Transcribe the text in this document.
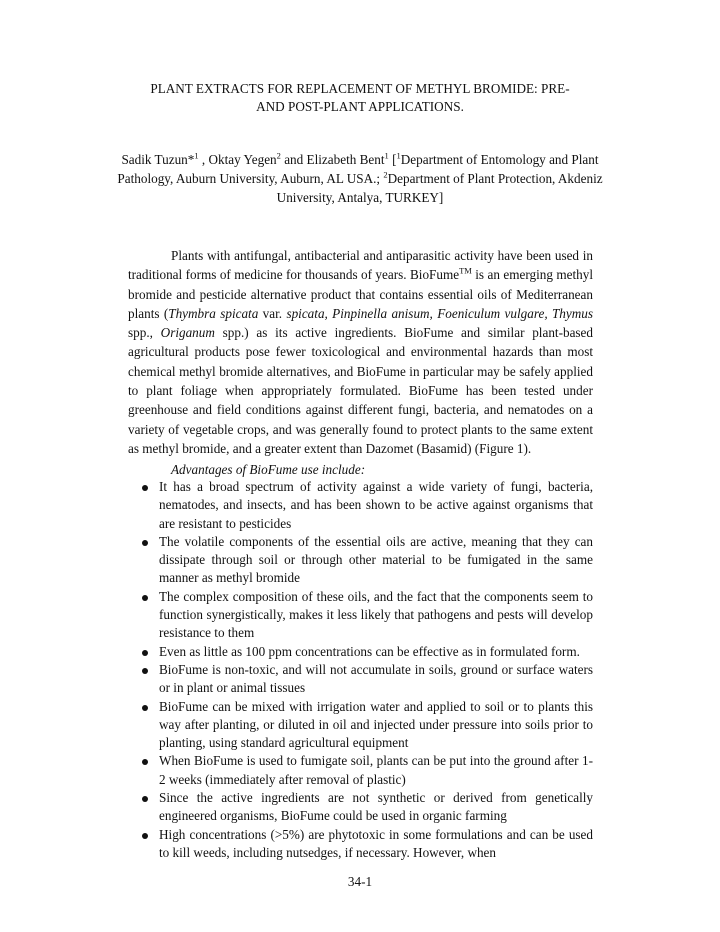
PLANT EXTRACTS FOR REPLACEMENT OF METHYL BROMIDE: PRE-
AND POST-PLANT APPLICATIONS.
Sadik Tuzun*$^1$ , Oktay Yegen$^2$ and Elizabeth Bent$^1$ [$^1$Department of Entomology and Plant Pathology, Auburn University, Auburn, AL USA.; $^2$Department of Plant Protection, Akdeniz University, Antalya, TURKEY]

Plants with antifungal, antibacterial and antiparasitic activity have been used in traditional forms of medicine for thousands of years. BioFume™ is an emerging methyl bromide and pesticide alternative product that contains essential oils of Mediterranean plants (Thymbra spicata var. spicata, Pinpinella anisum, Foeniculum vulgare, Thymus spp., Origanum spp.) as its active ingredients. BioFume and similar plant-based agricultural products pose fewer toxicological and environmental hazards than most chemical methyl bromide alternatives, and BioFume in particular may be safely applied to plant foliage when appropriately formulated. BioFume has been tested under greenhouse and field conditions against different fungi, bacteria, and nematodes on a variety of vegetable crops, and was generally found to protect plants to the same extent as methyl bromide, and a greater extent than Dazomet (Basamid) (Figure 1).

Advantages of BioFume use include:

It has a broad spectrum of activity against a wide variety of fungi, bacteria, nematodes, and insects, and has been shown to be active against organisms that are resistant to pesticides
The volatile components of the essential oils are active, meaning that they can dissipate through soil or through other material to be fumigated in the same manner as methyl bromide
The complex composition of these oils, and the fact that the components seem to function synergistically, makes it less likely that pathogens and pests will develop resistance to them
Even as little as 100 ppm concentrations can be effective as in formulated form.
BioFume is non-toxic, and will not accumulate in soils, ground or surface waters or in plant or animal tissues
BioFume can be mixed with irrigation water and applied to soil or to plants this way after planting, or diluted in oil and injected under pressure into soils prior to planting, using standard agricultural equipment
When BioFume is used to fumigate soil, plants can be put into the ground after 1-2 weeks (immediately after removal of plastic)
Since the active ingredients are not synthetic or derived from genetically engineered organisms, BioFume could be used in organic farming
High concentrations (>5%) are phytotoxic in some formulations and can be used to kill weeds, including nutsedges, if necessary. However, when
34-1
